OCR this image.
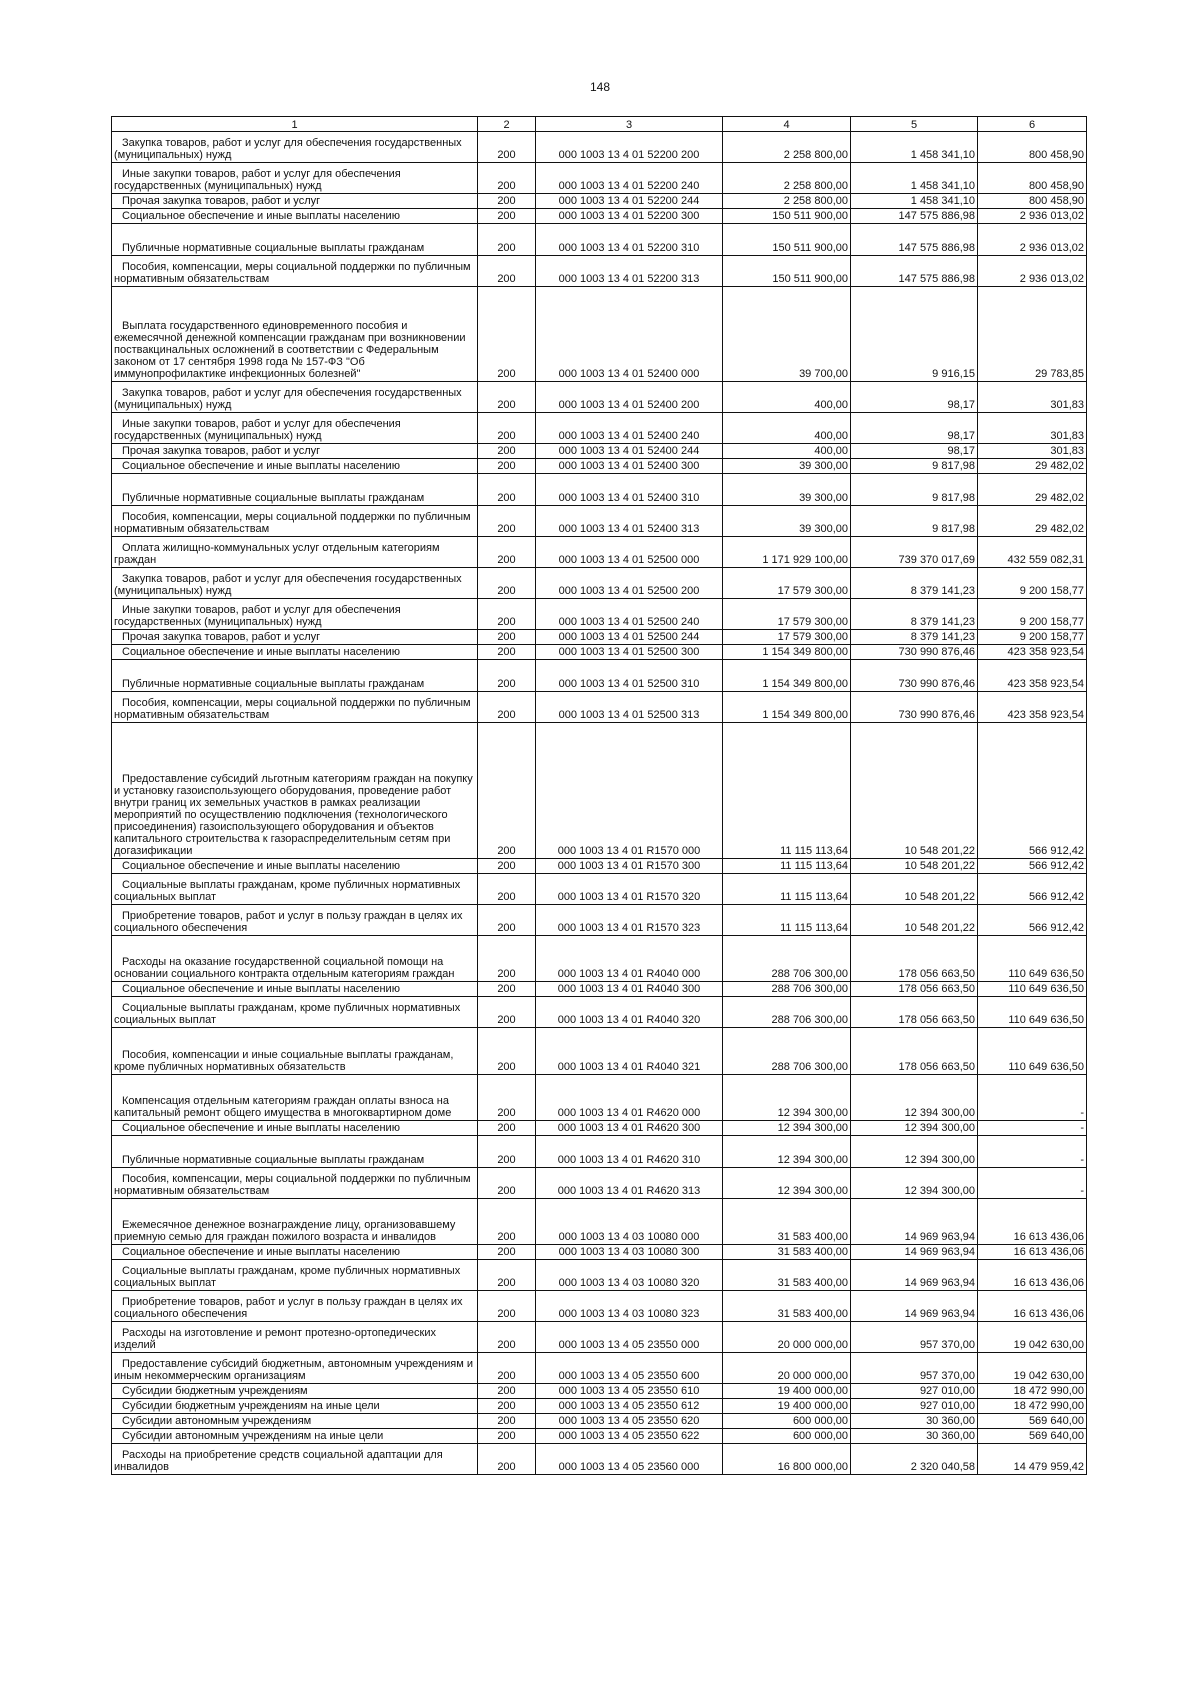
148
1	2	3	4	5	6
Закупка товаров, работ и услуг для обеспечения государственных (муниципальных) нужд	200	000 1003 13 4 01 52200 200	2 258 800,00	1 458 341,10	800 458,90
Иные закупки товаров, работ и услуг для обеспечения государственных (муниципальных) нужд	200	000 1003 13 4 01 52200 240	2 258 800,00	1 458 341,10	800 458,90
Прочая закупка товаров, работ и услуг	200	000 1003 13 4 01 52200 244	2 258 800,00	1 458 341,10	800 458,90
Социальное обеспечение и иные выплаты населению	200	000 1003 13 4 01 52200 300	150 511 900,00	147 575 886,98	2 936 013,02
Публичные нормативные социальные выплаты гражданам	200	000 1003 13 4 01 52200 310	150 511 900,00	147 575 886,98	2 936 013,02
Пособия, компенсации, меры социальной поддержки по публичным нормативным обязательствам	200	000 1003 13 4 01 52200 313	150 511 900,00	147 575 886,98	2 936 013,02
Выплата государственного единовременного пособия и ежемесячной денежной компенсации гражданам при возникновении поствакцинальных осложнений в соответствии с Федеральным законом от 17 сентября 1998 года № 157-ФЗ "Об иммунопрофилактике инфекционных болезней"	200	000 1003 13 4 01 52400 000	39 700,00	9 916,15	29 783,85
Закупка товаров, работ и услуг для обеспечения государственных (муниципальных) нужд	200	000 1003 13 4 01 52400 200	400,00	98,17	301,83
Иные закупки товаров, работ и услуг для обеспечения государственных (муниципальных) нужд	200	000 1003 13 4 01 52400 240	400,00	98,17	301,83
Прочая закупка товаров, работ и услуг	200	000 1003 13 4 01 52400 244	400,00	98,17	301,83
Социальное обеспечение и иные выплаты населению	200	000 1003 13 4 01 52400 300	39 300,00	9 817,98	29 482,02
Публичные нормативные социальные выплаты гражданам	200	000 1003 13 4 01 52400 310	39 300,00	9 817,98	29 482,02
Пособия, компенсации, меры социальной поддержки по публичным нормативным обязательствам	200	000 1003 13 4 01 52400 313	39 300,00	9 817,98	29 482,02
Оплата жилищно-коммунальных услуг отдельным категориям граждан	200	000 1003 13 4 01 52500 000	1 171 929 100,00	739 370 017,69	432 559 082,31
Закупка товаров, работ и услуг для обеспечения государственных (муниципальных) нужд	200	000 1003 13 4 01 52500 200	17 579 300,00	8 379 141,23	9 200 158,77
Иные закупки товаров, работ и услуг для обеспечения государственных (муниципальных) нужд	200	000 1003 13 4 01 52500 240	17 579 300,00	8 379 141,23	9 200 158,77
Прочая закупка товаров, работ и услуг	200	000 1003 13 4 01 52500 244	17 579 300,00	8 379 141,23	9 200 158,77
Социальное обеспечение и иные выплаты населению	200	000 1003 13 4 01 52500 300	1 154 349 800,00	730 990 876,46	423 358 923,54
Публичные нормативные социальные выплаты гражданам	200	000 1003 13 4 01 52500 310	1 154 349 800,00	730 990 876,46	423 358 923,54
Пособия, компенсации, меры социальной поддержки по публичным нормативным обязательствам	200	000 1003 13 4 01 52500 313	1 154 349 800,00	730 990 876,46	423 358 923,54
Предоставление субсидий льготным категориям граждан на покупку и установку газоиспользующего оборудования, проведение работ внутри границ их земельных участков в рамках реализации мероприятий по осуществлению подключения (технологического присоединения) газоиспользующего оборудования и объектов капитального строительства к газораспределительным сетям при догазификации	200	000 1003 13 4 01 R1570 000	11 115 113,64	10 548 201,22	566 912,42
Социальное обеспечение и иные выплаты населению	200	000 1003 13 4 01 R1570 300	11 115 113,64	10 548 201,22	566 912,42
Социальные выплаты гражданам, кроме публичных нормативных социальных выплат	200	000 1003 13 4 01 R1570 320	11 115 113,64	10 548 201,22	566 912,42
Приобретение товаров, работ и услуг в пользу граждан в целях их социального обеспечения	200	000 1003 13 4 01 R1570 323	11 115 113,64	10 548 201,22	566 912,42
Расходы на оказание государственной социальной помощи на основании социального контракта отдельным категориям граждан	200	000 1003 13 4 01 R4040 000	288 706 300,00	178 056 663,50	110 649 636,50
Социальное обеспечение и иные выплаты населению	200	000 1003 13 4 01 R4040 300	288 706 300,00	178 056 663,50	110 649 636,50
Социальные выплаты гражданам, кроме публичных нормативных социальных выплат	200	000 1003 13 4 01 R4040 320	288 706 300,00	178 056 663,50	110 649 636,50
Пособия, компенсации и иные социальные выплаты гражданам, кроме публичных нормативных обязательств	200	000 1003 13 4 01 R4040 321	288 706 300,00	178 056 663,50	110 649 636,50
Компенсация отдельным категориям граждан оплаты взноса на капитальный ремонт общего имущества в многоквартирном доме	200	000 1003 13 4 01 R4620 000	12 394 300,00	12 394 300,00	-
Социальное обеспечение и иные выплаты населению	200	000 1003 13 4 01 R4620 300	12 394 300,00	12 394 300,00	-
Публичные нормативные социальные выплаты гражданам	200	000 1003 13 4 01 R4620 310	12 394 300,00	12 394 300,00	-
Пособия, компенсации, меры социальной поддержки по публичным нормативным обязательствам	200	000 1003 13 4 01 R4620 313	12 394 300,00	12 394 300,00	-
Ежемесячное денежное вознаграждение лицу, организовавшему приемную семью для граждан пожилого возраста и инвалидов	200	000 1003 13 4 03 10080 000	31 583 400,00	14 969 963,94	16 613 436,06
Социальное обеспечение и иные выплаты населению	200	000 1003 13 4 03 10080 300	31 583 400,00	14 969 963,94	16 613 436,06
Социальные выплаты гражданам, кроме публичных нормативных социальных выплат	200	000 1003 13 4 03 10080 320	31 583 400,00	14 969 963,94	16 613 436,06
Приобретение товаров, работ и услуг в пользу граждан в целях их социального обеспечения	200	000 1003 13 4 03 10080 323	31 583 400,00	14 969 963,94	16 613 436,06
Расходы на изготовление и ремонт протезно-ортопедических изделий	200	000 1003 13 4 05 23550 000	20 000 000,00	957 370,00	19 042 630,00
Предоставление субсидий бюджетным, автономным учреждениям и иным некоммерческим организациям	200	000 1003 13 4 05 23550 600	20 000 000,00	957 370,00	19 042 630,00
Субсидии бюджетным учреждениям	200	000 1003 13 4 05 23550 610	19 400 000,00	927 010,00	18 472 990,00
Субсидии бюджетным учреждениям на иные цели	200	000 1003 13 4 05 23550 612	19 400 000,00	927 010,00	18 472 990,00
Субсидии автономным учреждениям	200	000 1003 13 4 05 23550 620	600 000,00	30 360,00	569 640,00
Субсидии автономным учреждениям на иные цели	200	000 1003 13 4 05 23550 622	600 000,00	30 360,00	569 640,00
Расходы на приобретение средств социальной адаптации для инвалидов	200	000 1003 13 4 05 23560 000	16 800 000,00	2 320 040,58	14 479 959,42
